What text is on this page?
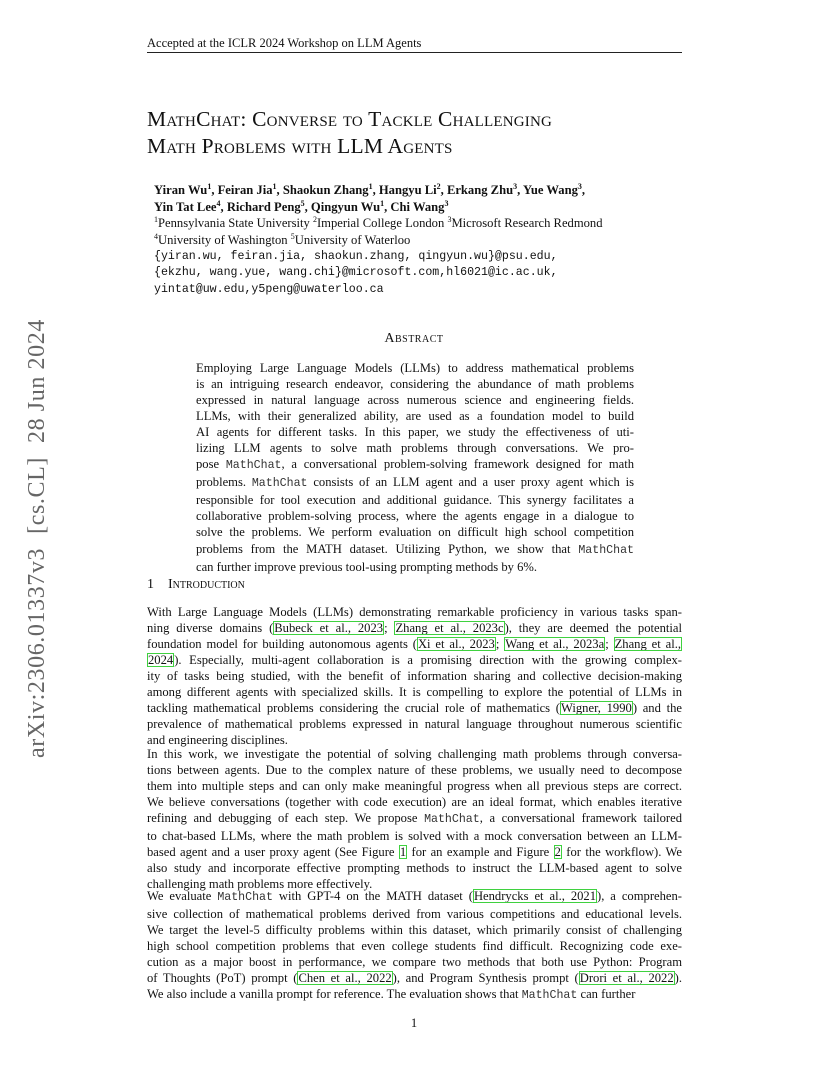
Accepted at the ICLR 2024 Workshop on LLM Agents
arXiv:2306.01337v3[cs.CL]28 Jun 2024
MathChat: Converse to Tackle Challenging
Math Problems with LLM Agents
Yiran Wu$^1$, Feiran Jia$^1$, Shaokun Zhang$^1$, Hangyu Li$^2$, Erkang Zhu$^3$, Yue Wang$^3$,
Yin Tat Lee$^4$, Richard Peng$^5$, Qingyun Wu$^1$, Chi Wang$^3$
$^1$Pennsylvania State University $^2$Imperial College London $^3$Microsoft Research Redmond
$^4$University of Washington $^5$University of Waterloo
{yiran.wu, feiran.jia, shaokun.zhang, qingyun.wu}@psu.edu,
{ekzhu, wang.yue, wang.chi}@microsoft.com,hl6021@ic.ac.uk,
yintat@uw.edu,y5peng@uwaterloo.ca
Abstract
Employing Large Language Models (LLMs) to address mathematical problems
is an intriguing research endeavor, considering the abundance of math problems
expressed in natural language across numerous science and engineering fields.
LLMs, with their generalized ability, are used as a foundation model to build
AI agents for different tasks. In this paper, we study the effectiveness of uti-
lizing LLM agents to solve math problems through conversations. We pro-
pose MathChat, a conversational problem-solving framework designed for math
problems. MathChat consists of an LLM agent and a user proxy agent which is
responsible for tool execution and additional guidance. This synergy facilitates a
collaborative problem-solving process, where the agents engage in a dialogue to
solve the problems. We perform evaluation on difficult high school competition
problems from the MATH dataset. Utilizing Python, we show that MathChat
can further improve previous tool-using prompting methods by 6%.
1 Introduction
With Large Language Models (LLMs) demonstrating remarkable proficiency in various tasks span-
ning diverse domains (Bubeck et al., 2023; Zhang et al., 2023c), they are deemed the potential
foundation model for building autonomous agents (Xi et al., 2023; Wang et al., 2023a; Zhang et al.,
2024). Especially, multi-agent collaboration is a promising direction with the growing complex-
ity of tasks being studied, with the benefit of information sharing and collective decision-making
among different agents with specialized skills. It is compelling to explore the potential of LLMs in
tackling mathematical problems considering the crucial role of mathematics (Wigner, 1990) and the
prevalence of mathematical problems expressed in natural language throughout numerous scientific
and engineering disciplines.
In this work, we investigate the potential of solving challenging math problems through conversa-
tions between agents. Due to the complex nature of these problems, we usually need to decompose
them into multiple steps and can only make meaningful progress when all previous steps are correct.
We believe conversations (together with code execution) are an ideal format, which enables iterative
refining and debugging of each step. We propose MathChat, a conversational framework tailored
to chat-based LLMs, where the math problem is solved with a mock conversation between an LLM-
based agent and a user proxy agent (See Figure 1 for an example and Figure 2 for the workflow). We
also study and incorporate effective prompting methods to instruct the LLM-based agent to solve
challenging math problems more effectively.
We evaluate MathChat with GPT-4 on the MATH dataset (Hendrycks et al., 2021), a comprehen-
sive collection of mathematical problems derived from various competitions and educational levels.
We target the level-5 difficulty problems within this dataset, which primarily consist of challenging
high school competition problems that even college students find difficult. Recognizing code exe-
cution as a major boost in performance, we compare two methods that both use Python: Program
of Thoughts (PoT) prompt (Chen et al., 2022), and Program Synthesis prompt (Drori et al., 2022).
We also include a vanilla prompt for reference. The evaluation shows that MathChat can further
1
